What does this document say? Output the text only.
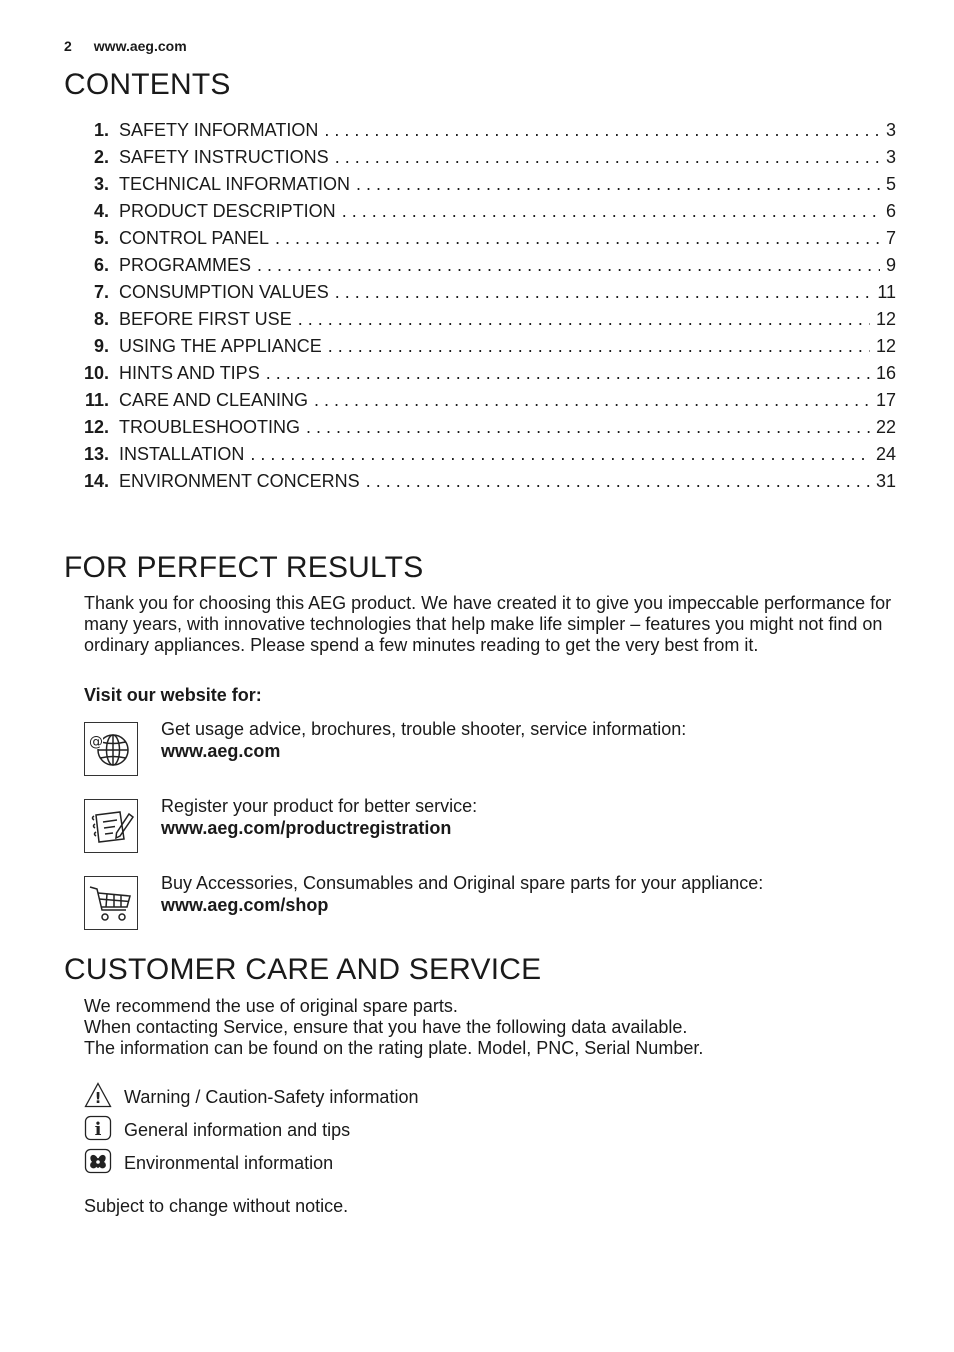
2 www.aeg.com
CONTENTS
1. SAFETY INFORMATION . . .	3
2. SAFETY INSTRUCTIONS . . .	3
3. TECHNICAL INFORMATION . . .	5
4. PRODUCT DESCRIPTION . . .	6
5. CONTROL PANEL . . .	7
6. PROGRAMMES . . .	9
7. CONSUMPTION VALUES . . .	11
8. BEFORE FIRST USE . . .	12
9. USING THE APPLIANCE . . .	12
10. HINTS AND TIPS . . .	16
11. CARE AND CLEANING . . .	17
12. TROUBLESHOOTING . . .	22
13. INSTALLATION . . .	24
14. ENVIRONMENT CONCERNS . . .	31
FOR PERFECT RESULTS
Thank you for choosing this AEG product. We have created it to give you impeccable performance for many years, with innovative technologies that help make life simpler – features you might not find on ordinary appliances. Please spend a few minutes reading to get the very best from it.
Visit our website for:
@
Get usage advice, brochures, trouble shooter, service information:
www.aeg.com
Register your product for better service:
www.aeg.com/productregistration
Buy Accessories, Consumables and Original spare parts for your appliance:
www.aeg.com/shop
CUSTOMER CARE AND SERVICE
We recommend the use of original spare parts.
When contacting Service, ensure that you have the following data available.
The information can be found on the rating plate. Model, PNC, Serial Number.
! Warning / Caution-Safety information
i General information and tips
Environmental information
Subject to change without notice.
